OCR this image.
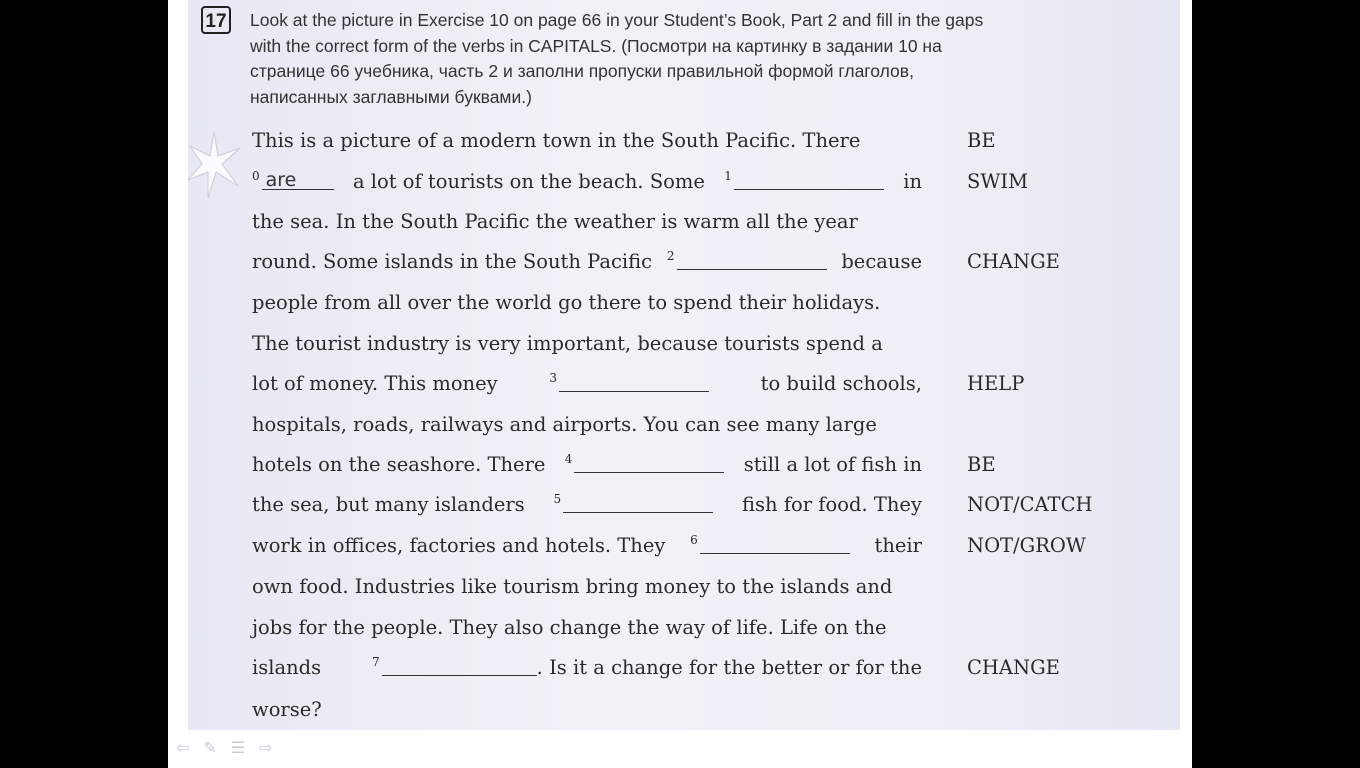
17 Look at the picture in Exercise 10 on page 66 in your Student’s Book, Part 2 and fill in the gaps
with the correct form of the verbs in CAPITALS. (Посмотри на картинку в задании 10 на
странице 66 учебника, часть 2 и заполни пропуски правильной формой глаголов,
написанных заглавными буквами.)
This is a picture of a modern town in the South Pacific. There
$^0$ are	a lot of tourists on the beach. Some $^1$	in
the sea. In the South Pacific the weather is warm all the year
round. Some islands in the South Pacific $^2$	because
people from all over the world go there to spend their holidays.
The tourist industry is very important, because tourists spend a
lot of money. This money	$^3$	to build schools,
hospitals, roads, railways and airports. You can see many large
hotels on the seashore. There $^4$	still a lot of fish in
the sea, but many islanders $^5$	fish for food. They
work in offices, factories and hotels. They $^6$	their
own food. Industries like tourism bring money to the islands and
jobs for the people. They also change the way of life. Life on the
islands	$^7$	. Is it a change for the better or for the
worse?
BE
SWIM
CHANGE
HELP
BE
NOT/CATCH
NOT/GROW
CHANGE
⇦ ✎ ☰ ⇨
